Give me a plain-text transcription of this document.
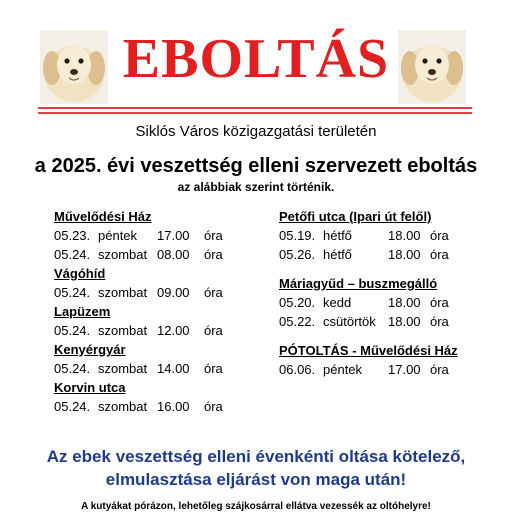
EBOLTÁS
Siklós Város közigazgatási területén
a 2025. évi veszettség elleni szervezett eboltás
az alábbiak szerint történik.
Művelődési Ház
05.23. péntek 17.00 óra
05.24. szombat 08.00 óra
Vágóhíd
05.24. szombat 09.00 óra
Lapüzem
05.24. szombat 12.00 óra
Kenyérgyár
05.24. szombat 14.00 óra
Korvin utca
05.24. szombat 16.00 óra
Petőfi utca (Ipari út felől)
05.19. hétfő	18.00 óra
05.26. hétfő	18.00 óra
Máriagyűd – buszmegálló
05.20. kedd	18.00 óra
05.22. csütörtök 18.00 óra
PÓTOLTÁS - Művelődési Ház
06.06. péntek 17.00 óra
Az ebek veszettség elleni évenkénti oltása kötelező,
elmulasztása eljárást von maga után!
A kutyákat pórázon, lehetőleg szájkosárral ellátva vezessék az oltóhelyre!
